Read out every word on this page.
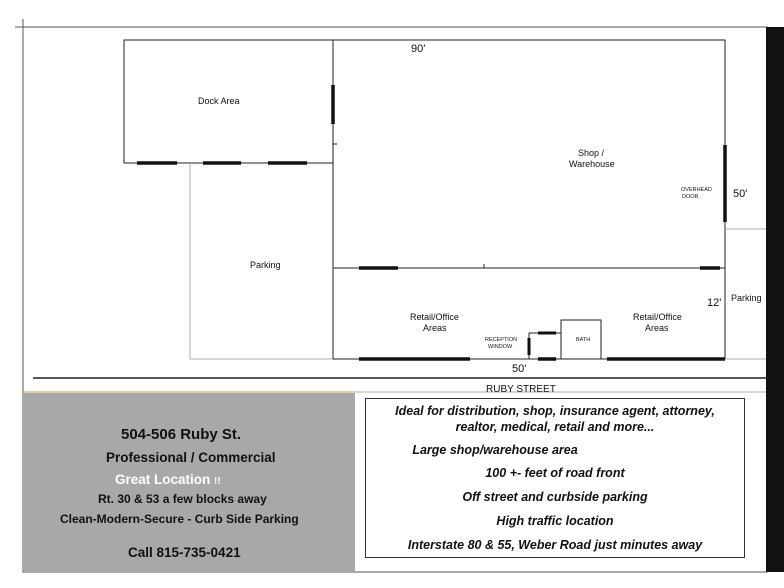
90'
50'
12'
50'
Dock Area
Shop /
Warehouse
OVERHEAD
DOOR
Parking
Parking
Retail/Office
Areas
Retail/Office
Areas
RECEPTION
WINDOW
BATH
RUBY STREET
504-506 Ruby St.
Professional / Commercial
Great Location !!
Rt. 30 & 53 a few blocks away
Clean-Modern-Secure - Curb Side Parking
Call 815-735-0421
Ideal for distribution, shop, insurance agent, attorney,
realtor, medical, retail and more...
Large shop/warehouse area
100 +- feet of road front
Off street and curbside parking
High traffic location
Interstate 80 & 55, Weber Road just minutes away
